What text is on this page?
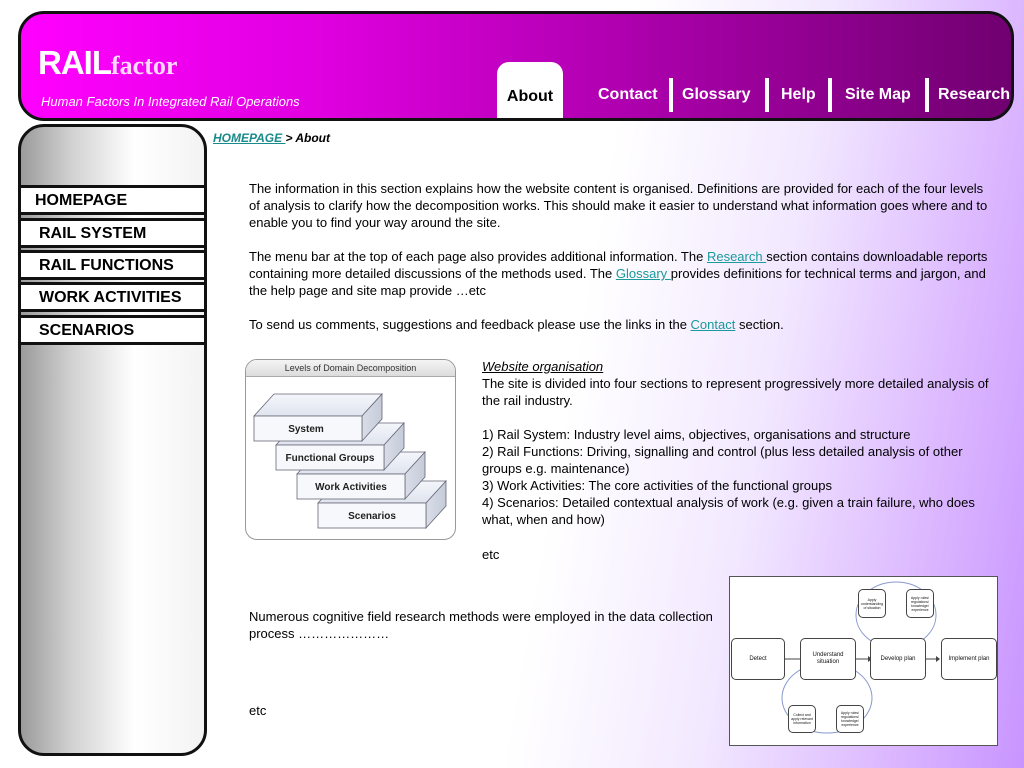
RAILfactor
Human Factors In Integrated Rail Operations	About	Contact Glossary Help Site Map Research
HOMEPAGE
RAIL SYSTEM
RAIL FUNCTIONS
WORK ACTIVITIES
SCENARIOS
HOMEPAGE > About
The information in this section explains how the website content is organised. Definitions are provided for each of the four levels of analysis to clarify how the decomposition works. This should make it easier to understand what information goes where and to enable you to find your way around the site.
The menu bar at the top of each page also provides additional information. The Research section contains downloadable reports containing more detailed discussions of the methods used. The Glossary provides definitions for technical terms and jargon, and the help page and site map provide …etc
To send us comments, suggestions and feedback please use the links in the Contact section.
Levels of Domain Decomposition
Scenarios
Work Activities
Functional Groups
System
Website organisation
The site is divided into four sections to represent progressively more detailed analysis of the rail industry.
1) Rail System: Industry level aims, objectives, organisations and structure
2) Rail Functions: Driving, signalling and control (plus less detailed analysis of other groups e.g. maintenance)
3) Work Activities: The core activities of the functional groups
4) Scenarios: Detailed contextual analysis of work (e.g. given a train failure, who does what, when and how)
etc
Numerous cognitive field research methods were employed in the data collection process …………………
etc
Detect
Understand situation
Develop plan	Implement plan
Apply understanding of situation
Apply rules/ regulations/ knowledge/ experience
Collect and apply relevant information
Apply rules/ regulations/ knowledge/ experience
